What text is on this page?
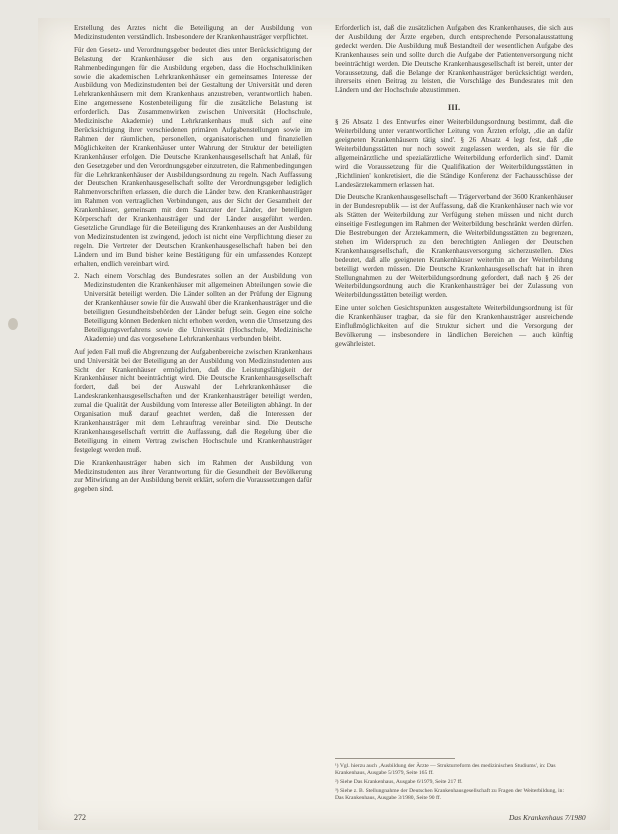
Erstellung des Arztes nicht die Beteiligung an der Ausbildung von Medizinstudenten verständlich. Insbesondere der Krankenhausträger verpflichtet.

Für den Gesetz- und Verordnungsgeber bedeutet dies unter Berücksichtigung der Belastung der Krankenhäuser die sich aus den organisatorischen Rahmenbedingungen für die Ausbildung ergeben, dass die Hochschulkliniken sowie die akademischen Lehrkrankenhäuser ein gemeinsames Interesse der Ausbildung von Medizinstudenten bei der Gestaltung der Universität und deren Lehrkrankenhäusern mit dem Krankenhaus anzustreben, verantwortlich haben. Eine angemessene Kostenbeteiligung für die zusätzliche Belastung ist erforderlich. Das Zusammenwirken zwischen Universität (Hochschule, Medizinische Akademie) und Lehrkrankenhaus muß sich auf eine Berücksichtigung ihrer verschiedenen primären Aufgabenstellungen sowie im Rahmen der räumlichen, personellen, organisatorischen und finanziellen Möglichkeiten der Krankenhäuser unter Wahrung der Struktur der beteiligten Krankenhäuser erfolgen. Die Deutsche Krankenhausgesellschaft hat Anlaß, für den Gesetzgeber und den Verordnungsgeber einzutreten, die Rahmenbedingungen für die Lehrkrankenhäuser der Ausbildungsordnung zu regeln. Nach Auffassung der Deutschen Krankenhausgesellschaft sollte der Verordnungsgeber lediglich Rahmenvorschriften erlassen, die durch die Länder bzw. den Krankenhausträger im Rahmen von vertraglichen Verbindungen, aus der Sicht der Gesamtheit der Krankenhäuser, gemeinsam mit dem Saatcrater der Länder, der beteiligten Körperschaft der Krankenhausträger und der Länder ausgeführt werden. Gesetzliche Grundlage für die Beteiligung des Krankenhauses an der Ausbildung von Medizinstudenten ist zwingend, jedoch ist nicht eine Verpflichtung dieser zu regeln. Die Vertreter der Deutschen Krankenhausgesellschaft haben bei den Ländern und im Bund bisher keine Bestätigung für ein umfassendes Konzept erhalten, endlich vereinbart wird.

2. Nach einem Vorschlag des Bundesrates sollen an der Ausbildung von Medizinstudenten die Krankenhäuser mit allgemeinen Abteilungen sowie die Universität beteiligt werden. Die Länder sollten an der Prüfung der Eignung der Krankenhäuser sowie für die Auswahl über die Krankenhausträger und die beteiligten Gesundheitsbehörden der Länder befugt sein. Gegen eine solche Beteiligung können Bedenken nicht erhoben werden, wenn die Umsetzung des Beteiligungsverfahrens sowie die Universität (Hochschule, Medizinische Akademie) und das vorgesehene Lehrkrankenhaus verbunden bleibt.

Auf jeden Fall muß die Abgrenzung der Aufgabenbereiche zwischen Krankenhaus und Universität bei der Beteiligung an der Ausbildung von Medizinstudenten aus Sicht der Krankenhäuser ermöglichen, daß die Leistungsfähigkeit der Krankenhäuser nicht beeinträchtigt wird. Die Deutsche Krankenhausgesellschaft fordert, daß bei der Auswahl der Lehrkrankenhäuser die Landeskrankenhausgesellschaften und der Krankenhausträger beteiligt werden, zumal die Qualität der Ausbildung vom Interesse aller Beteiligten abhängt. In der Organisation muß darauf geachtet werden, daß die Interessen der Krankenhausträger mit dem Lehrauftrag vereinbar sind. Die Deutsche Krankenhausgesellschaft vertritt die Auffassung, daß die Regelung über die Beteiligung in einem Vertrag zwischen Hochschule und Krankenhausträger festgelegt werden muß.

Die Krankenhausträger haben sich im Rahmen der Ausbildung von Medizinstudenten aus ihrer Verantwortung für die Gesundheit der Bevölkerung zur Mitwirkung an der Ausbildung bereit erklärt, sofern die Voraussetzungen dafür gegeben sind.

Erforderlich ist, daß die zusätzlichen Aufgaben des Krankenhauses, die sich aus der Ausbildung der Ärzte ergeben, durch entsprechende Personalausstattung gedeckt werden. Die Ausbildung muß Bestandteil der wesentlichen Aufgabe des Krankenhauses sein und sollte durch die Aufgabe der Patientenversorgung nicht beeinträchtigt werden. Die Deutsche Krankenhausgesellschaft ist bereit, unter der Voraussetzung, daß die Belange der Krankenhausträger berücksichtigt werden, ihrerseits einen Beitrag zu leisten, die Vorschläge des Bundesrates mit den Ländern und der Hochschule abzustimmen.

III.

§ 26 Absatz 1 des Entwurfes einer Weiterbildungsordnung bestimmt, daß die Weiterbildung unter verantwortlicher Leitung von Ärzten erfolgt, ‚die an dafür geeigneten Krankenhäusern tätig sind'. § 26 Absatz 4 legt fest, daß ‚die Weiterbildungsstätten nur noch soweit zugelassen werden, als sie für die allgemeinärztliche und spezialärztliche Weiterbildung erforderlich sind'. Damit wird die Voraussetzung für die Qualifikation der Weiterbildungsstätten in ‚Richtlinien' konkretisiert, die die Ständige Konferenz der Fachausschüsse der Landesärztekammern erlassen hat.

Die Deutsche Krankenhausgesellschaft — Trägerverband der 3600 Krankenhäuser in der Bundesrepublik — ist der Auffassung, daß die Krankenhäuser nach wie vor als Stätten der Weiterbildung zur Verfügung stehen müssen und nicht durch einseitige Festlegungen im Rahmen der Weiterbildung beschränkt werden dürfen. Die Bestrebungen der Ärztekammern, die Weiterbildungsstätten zu begrenzen, stehen im Widerspruch zu den berechtigten Anliegen der Deutschen Krankenhausgesellschaft, die Krankenhausversorgung sicherzustellen. Dies bedeutet, daß alle geeigneten Krankenhäuser weiterhin an der Weiterbildung beteiligt werden müssen. Die Deutsche Krankenhausgesellschaft hat in ihren Stellungnahmen zu der Weiterbildungsordnung gefordert, daß nach § 26 der Weiterbildungsordnung auch die Krankenhausträger bei der Zulassung von Weiterbildungsstätten beteiligt werden.

Eine unter solchen Gesichtspunkten ausgestaltete Weiterbildungsordnung ist für die Krankenhäuser tragbar, da sie für den Krankenhausträger ausreichende Einflußmöglichkeiten auf die Struktur sichert und die Versorgung der Bevölkerung — insbesondere in ländlichen Bereichen — auch künftig gewährleistet.

¹) Vgl. hierzu auch ‚Ausbildung der Ärzte — Strukturreform des medizinischen Studiums', in: Das Krankenhaus, Ausgabe 5/1979, Seite 165 ff.

²) Siehe Das Krankenhaus, Ausgabe 6/1979, Seite 217 ff.

³) Siehe z. B. Stellungnahme der Deutschen Krankenhausgesellschaft zu Fragen der Weiterbildung, in: Das Krankenhaus, Ausgabe 3/1980, Seite 90 ff.

272	Das Krankenhaus 7/1980
